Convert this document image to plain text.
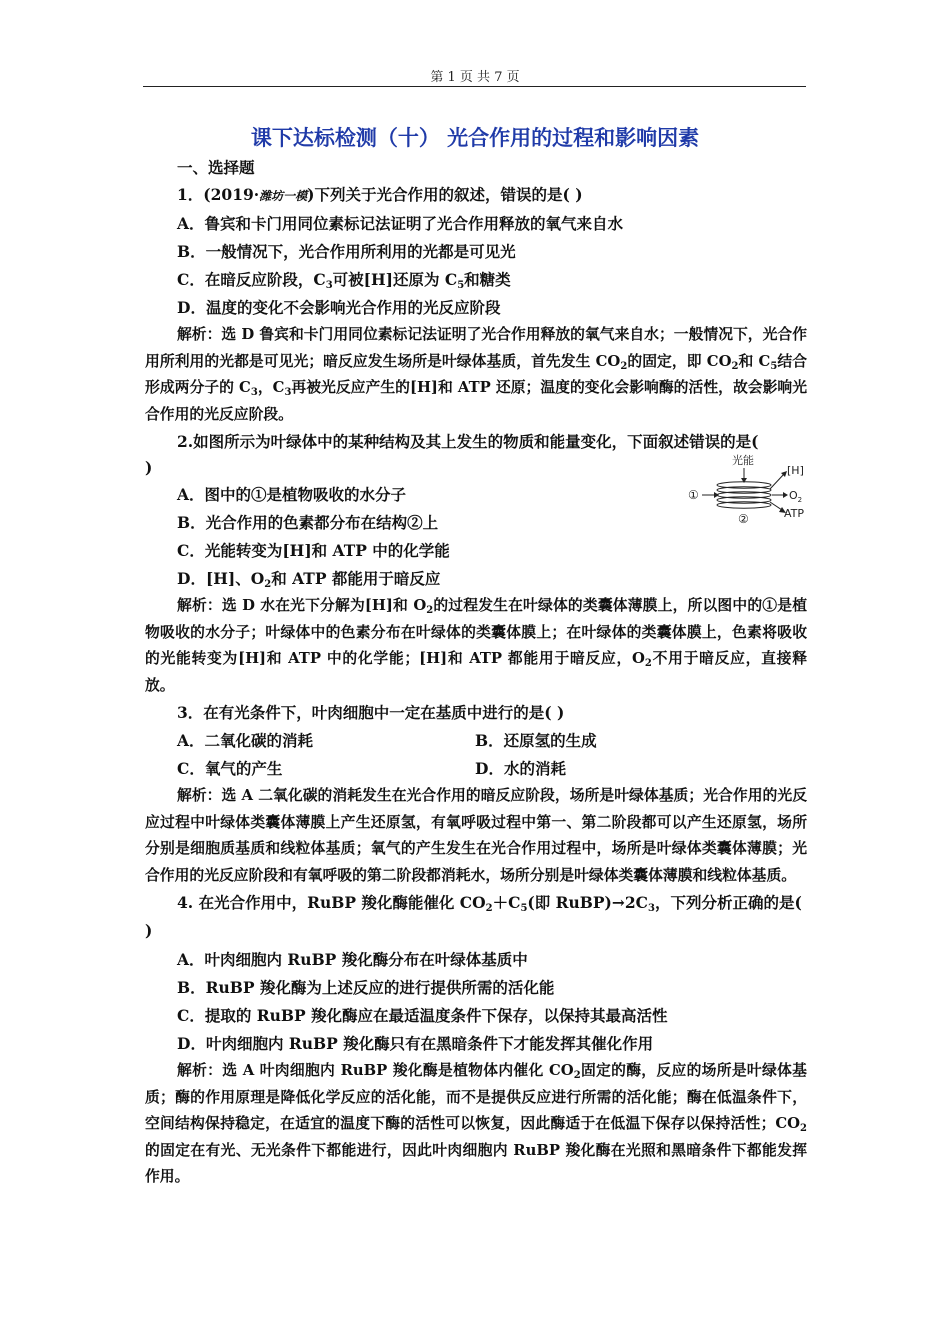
第 1 页 共 7 页
课下达标检测（十） 光合作用的过程和影响因素
一、选择题
1．(2019·潍坊一模)下列关于光合作用的叙述，错误的是( )
A．鲁宾和卡门用同位素标记法证明了光合作用释放的氧气来自水
B．一般情况下，光合作用所利用的光都是可见光
C．在暗反应阶段，$C_3$可被[H]还原为 $C_5$和糖类
D．温度的变化不会影响光合作用的光反应阶段
解析：选 D 鲁宾和卡门用同位素标记法证明了光合作用释放的氧气来自水；一般情况下，光合作用所利用的光都是可见光；暗反应发生场所是叶绿体基质，首先发生 $CO_2$的固定，即 $CO_2$和 $C_5$结合形成两分子的 $C_3$，$C_3$再被光反应产生的[H]和 ATP 还原；温度的变化会影响酶的活性，故会影响光合作用的光反应阶段。
2.如图所示为叶绿体中的某种结构及其上发生的物质和能量变化，下面叙述错误的是(
)
A．图中的①是植物吸收的水分子
B．光合作用的色素都分布在结构②上
C．光能转变为[H]和 ATP 中的化学能
D．[H]、$O_2$和 ATP 都能用于暗反应
解析：选 D 水在光下分解为[H]和 $O_2$的过程发生在叶绿体的类囊体薄膜上，所以图中的①是植物吸收的水分子；叶绿体中的色素分布在叶绿体的类囊体膜上；在叶绿体的类囊体膜上，色素将吸收的光能转变为[H]和 ATP 中的化学能；[H]和 ATP 都能用于暗反应，$O_2$不用于暗反应，直接释放。
3．在有光条件下，叶肉细胞中一定在基质中进行的是( )
A．二氧化碳的消耗	B．还原氢的生成
C．氧气的产生	D．水的消耗
解析：选 A 二氧化碳的消耗发生在光合作用的暗反应阶段，场所是叶绿体基质；光合作用的光反应过程中叶绿体类囊体薄膜上产生还原氢，有氧呼吸过程中第一、第二阶段都可以产生还原氢，场所分别是细胞质基质和线粒体基质；氧气的产生发生在光合作用过程中，场所是叶绿体类囊体薄膜；光合作用的光反应阶段和有氧呼吸的第二阶段都消耗水，场所分别是叶绿体类囊体薄膜和线粒体基质。
4. 在光合作用中，RuBP 羧化酶能催化 $CO_2+C_5$(即 $RuBP)\to 2C_3$，下列分析正确的是(
)
A．叶肉细胞内 RuBP 羧化酶分布在叶绿体基质中
B．RuBP 羧化酶为上述反应的进行提供所需的活化能
C．提取的 RuBP 羧化酶应在最适温度条件下保存，以保持其最高活性
D．叶肉细胞内 RuBP 羧化酶只有在黑暗条件下才能发挥其催化作用
解析：选 A 叶肉细胞内 RuBP 羧化酶是植物体内催化 $CO_2$固定的酶，反应的场所是叶绿体基质；酶的作用原理是降低化学反应的活化能，而不是提供反应进行所需的活化能；酶在低温条件下，空间结构保持稳定，在适宜的温度下酶的活性可以恢复，因此酶适于在低温下保存以保持活性；$CO_2$的固定在有光、无光条件下都能进行，因此叶肉细胞内 RuBP 羧化酶在光照和黑暗条件下都能发挥作用。
光能
①
[H]
$O_2$
ATP
②
